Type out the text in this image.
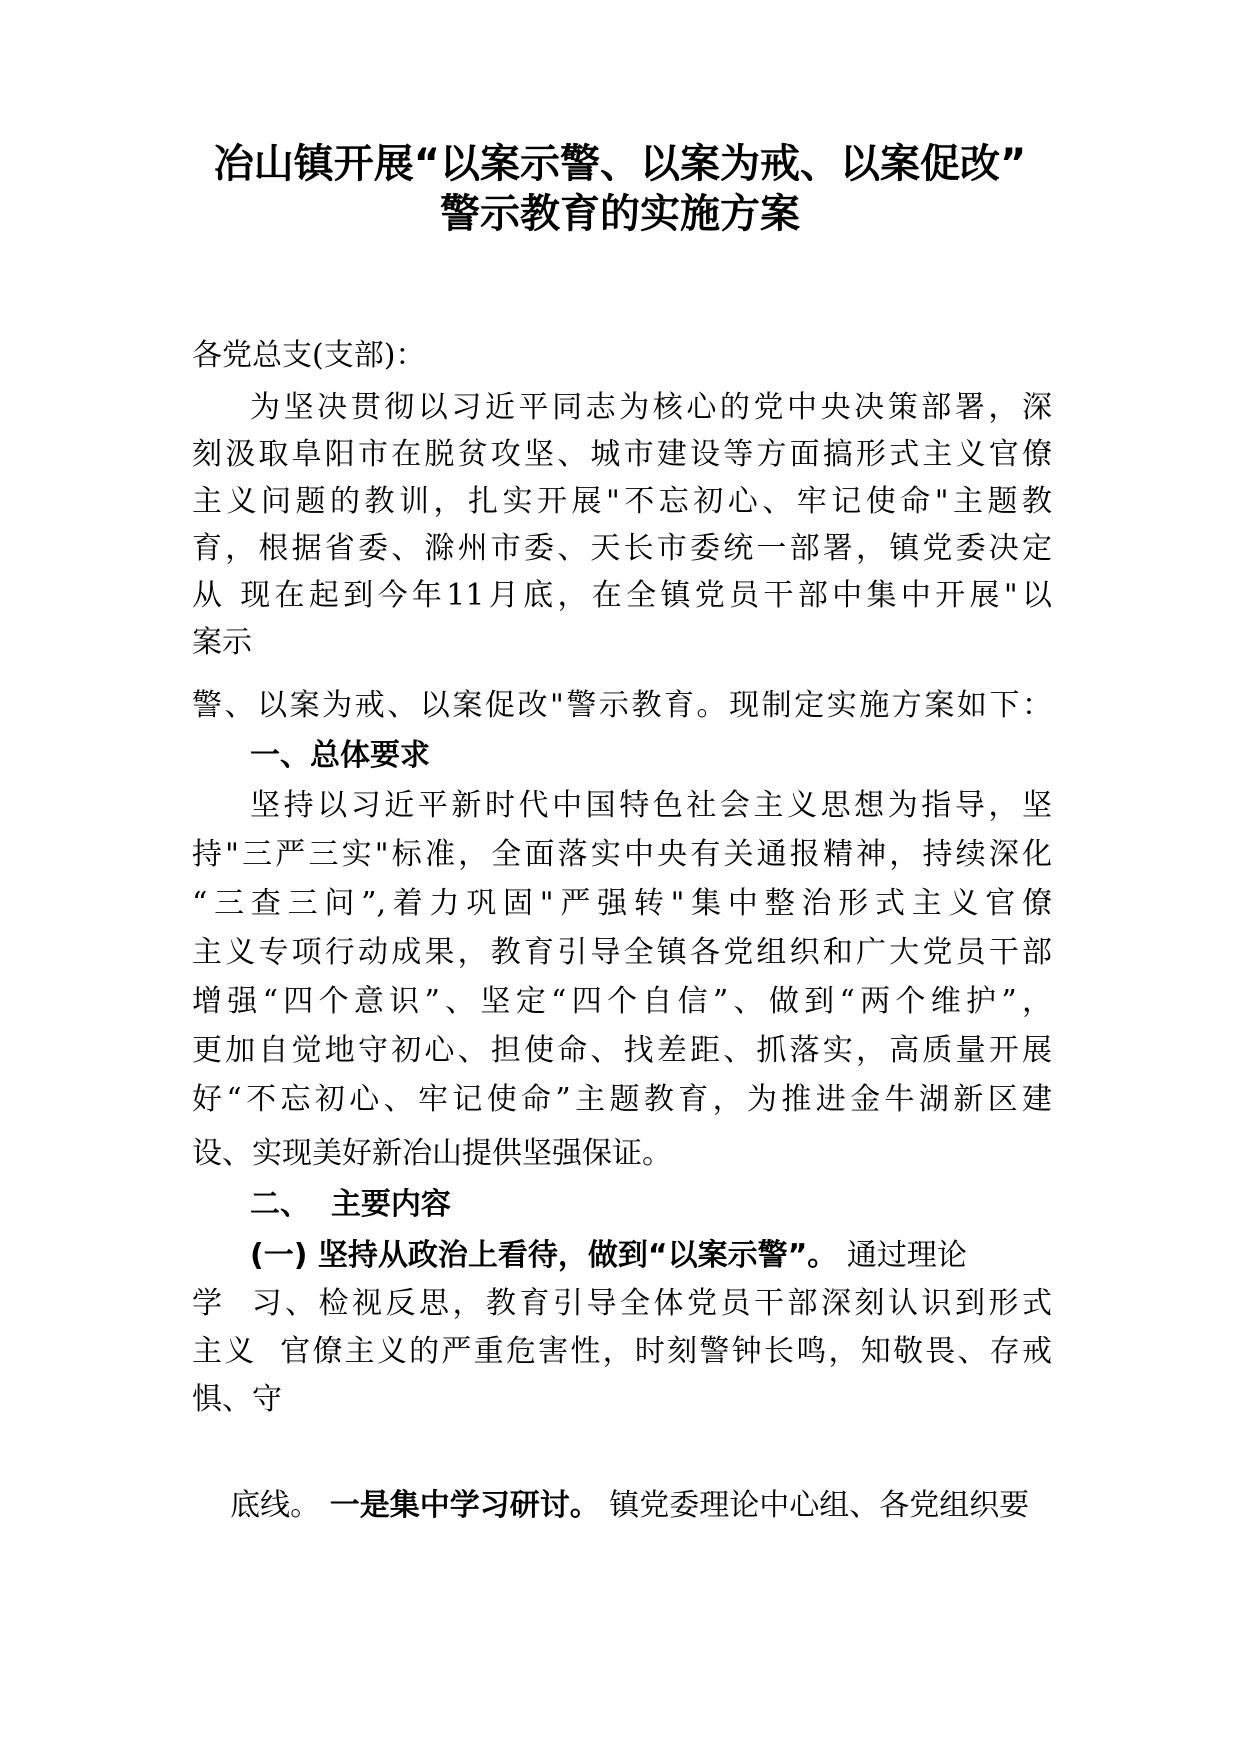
冶山镇开展“以案示警、以案为戒、以案促改”
警示教育的实施方案
各党总支(支部)：
为坚决贯彻以习近平同志为核心的党中央决策部署，深
刻汲取阜阳市在脱贫攻坚、城市建设等方面搞形式主义官僚
主义问题的教训，扎实开展"不忘初心、牢记使命"主题教
育，根据省委、滁州市委、天长市委统一部署，镇党委决定
从 现在起到今年11月底，在全镇党员干部中集中开展"以
案示
警、以案为戒、以案促改"警示教育。现制定实施方案如下：
一、总体要求
坚持以习近平新时代中国特色社会主义思想为指导，坚
持"三严三实"标准，全面落实中央有关通报精神，持续深化
“三查三问”,着力巩固"严强转"集中整治形式主义官僚
主义专项行动成果，教育引导全镇各党组织和广大党员干部
增强“四个意识”、坚定“四个自信”、做到“两个维护”，
更加自觉地守初心、担使命、找差距、抓落实，高质量开展
好“不忘初心、牢记使命”主题教育，为推进金牛湖新区建
设、实现美好新冶山提供坚强保证。
二、  主要内容
(一) 坚持从政治上看待，做到“以案示警”。 通过理论
学  习、检视反思，教育引导全体党员干部深刻认识到形式
主义  官僚主义的严重危害性，时刻警钟长鸣，知敬畏、存戒
惧、守

底线。 一是集中学习研讨。 镇党委理论中心组、各党组织要
